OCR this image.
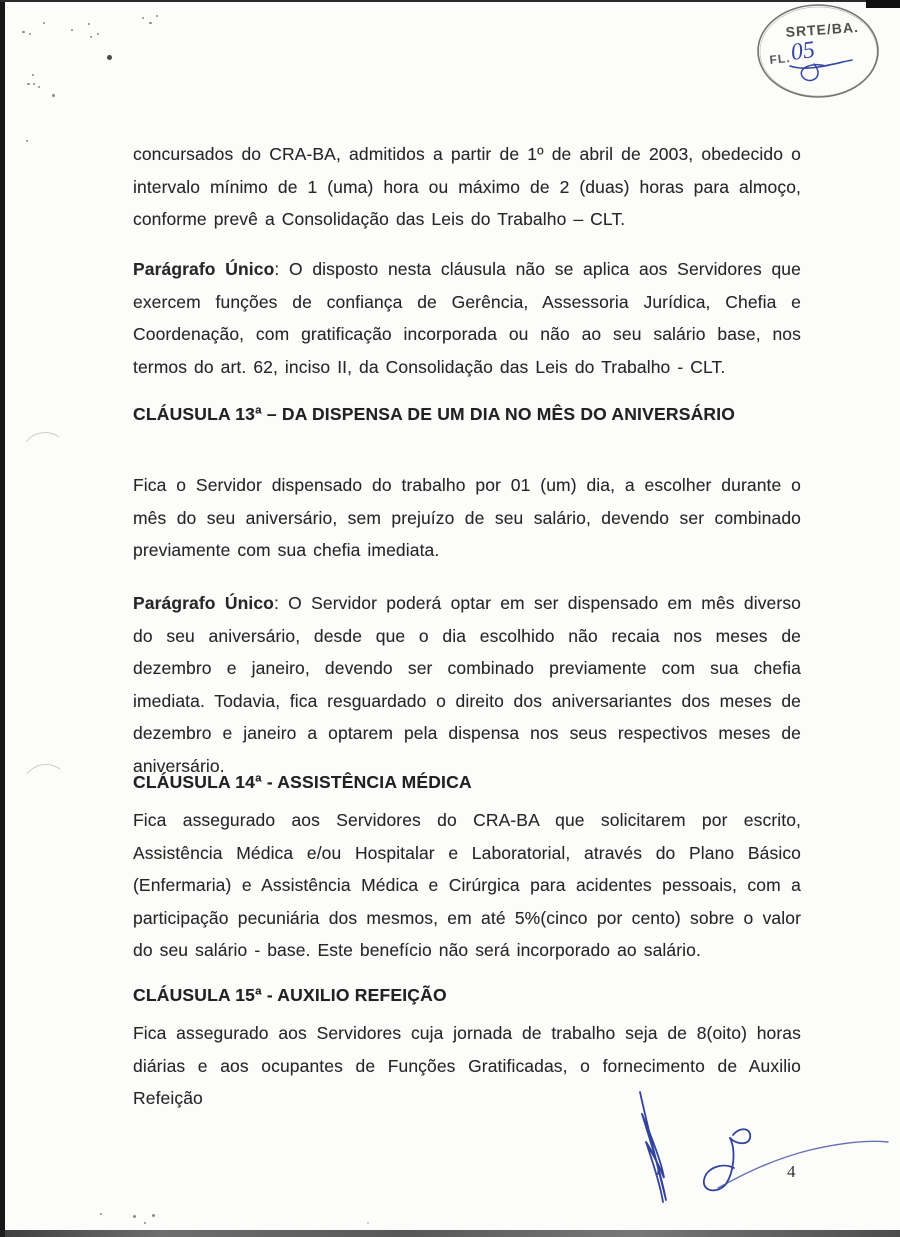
SRTE/BA.
FL.
05
concursados do CRA-BA, admitidos a partir de 1º de abril de 2003, obedecido o intervalo mínimo de 1 (uma) hora ou máximo de 2 (duas) horas para almoço, conforme prevê a Consolidação das Leis do Trabalho – CLT.
Parágrafo Único: O disposto nesta cláusula não se aplica aos Servidores que exercem funções de confiança de Gerência, Assessoria Jurídica, Chefia e Coordenação, com gratificação incorporada ou não ao seu salário base, nos termos do art. 62, inciso II, da Consolidação das Leis do Trabalho - CLT.
CLÁUSULA 13ª – DA DISPENSA DE UM DIA NO MÊS DO ANIVERSÁRIO
Fica o Servidor dispensado do trabalho por 01 (um) dia, a escolher durante o mês do seu aniversário, sem prejuízo de seu salário, devendo ser combinado previamente com sua chefia imediata.
Parágrafo Único: O Servidor poderá optar em ser dispensado em mês diverso do seu aniversário, desde que o dia escolhido não recaia nos meses de dezembro e janeiro, devendo ser combinado previamente com sua chefia imediata. Todavia, fica resguardado o direito dos aniversariantes dos meses de dezembro e janeiro a optarem pela dispensa nos seus respectivos meses de aniversário.
CLÁUSULA 14ª - ASSISTÊNCIA MÉDICA
Fica assegurado aos Servidores do CRA-BA que solicitarem por escrito, Assistência Médica e/ou Hospitalar e Laboratorial, através do Plano Básico (Enfermaria) e Assistência Médica e Cirúrgica para acidentes pessoais, com a participação pecuniária dos mesmos, em até 5%(cinco por cento) sobre o valor do seu salário - base. Este benefício não será incorporado ao salário.
CLÁUSULA 15ª - AUXILIO REFEIÇÃO
Fica assegurado aos Servidores cuja jornada de trabalho seja de 8(oito) horas diárias e aos ocupantes de Funções Gratificadas, o fornecimento de Auxilio Refeição
4
